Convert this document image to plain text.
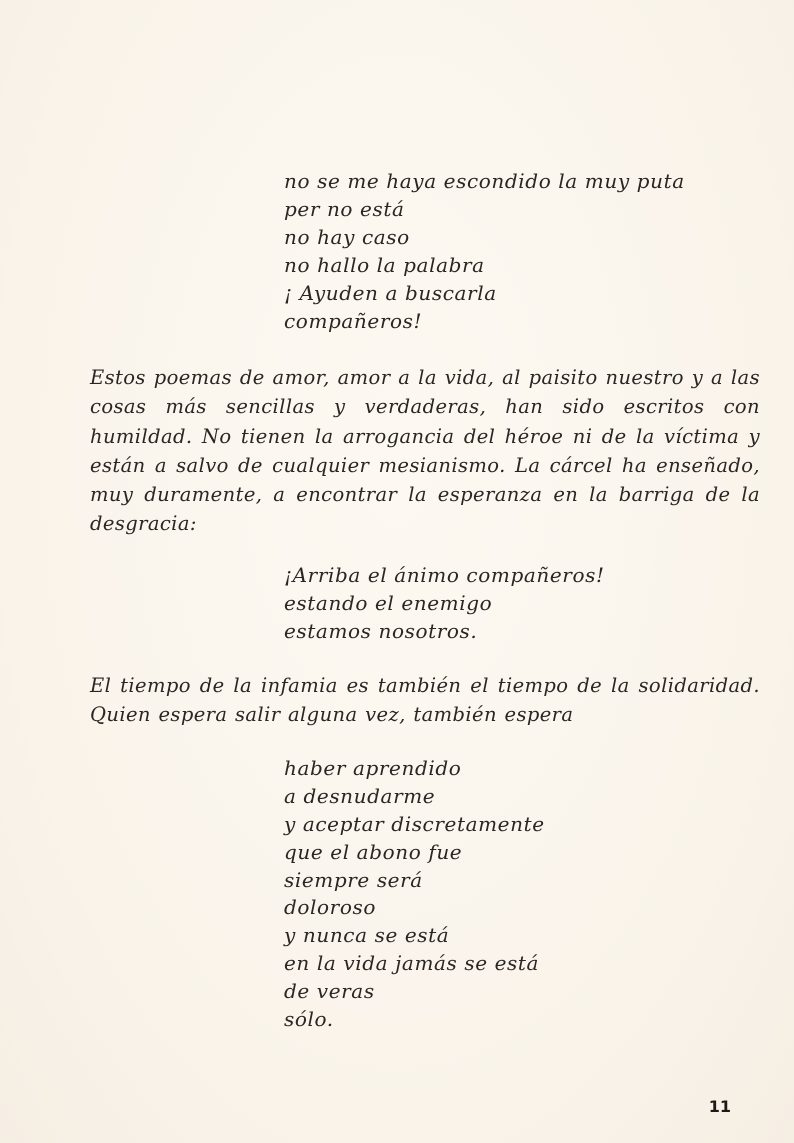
no se me haya escondido la muy puta
per no está
no hay caso
no hallo la palabra
¡ Ayuden a buscarla
compañeros!

Estos poemas de amor, amor a la vida, al paisito nuestro y a las cosas más sencillas y verdaderas, han sido escritos con humildad. No tienen la arrogancia del héroe ni de la víctima y están a salvo de cualquier mesianismo. La cárcel ha enseñado, muy duramente, a encontrar la esperanza en la barriga de la desgracia:

¡Arriba el ánimo compañeros!
estando el enemigo
estamos nosotros.

El tiempo de la infamia es también el tiempo de la solidaridad. Quien espera salir alguna vez, también espera

haber aprendido
a desnudarme
y aceptar discretamente
que el abono fue
siempre será
doloroso
y nunca se está
en la vida jamás se está
de veras
sólo.
11
